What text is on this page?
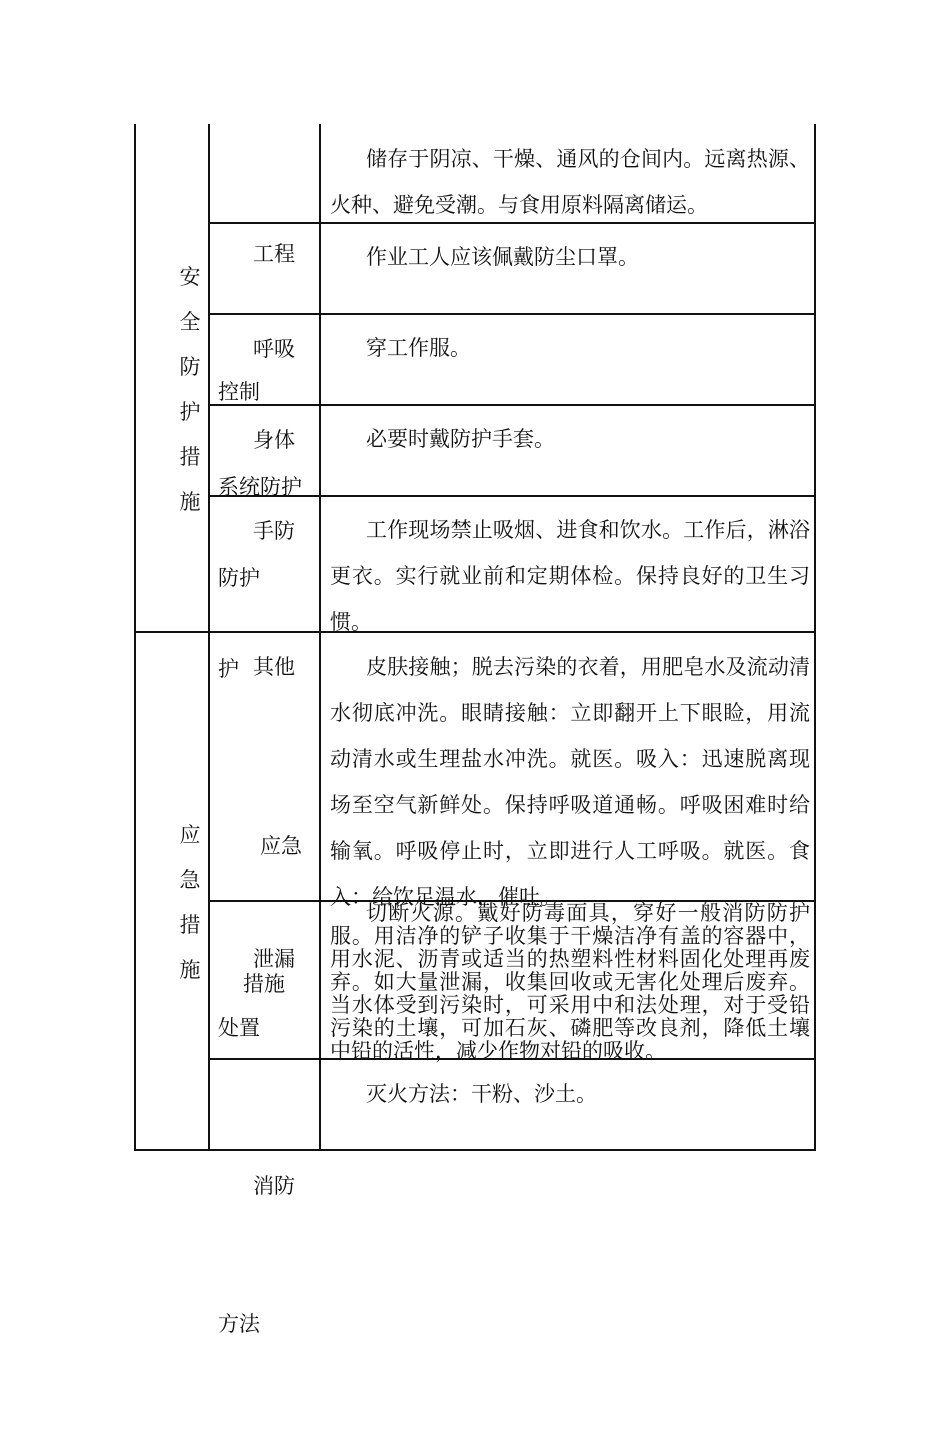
安
全
防
护
措
施

工程

控制

储存于阴凉、干燥、通风的仓间内。远离热源、火种、避免受潮。与食用原料隔离储运。

呼吸

系统防护

作业工人应该佩戴防尘口罩。

身体

防护

穿工作服。

手防

护

必要时戴防护手套。

其他

工作现场禁止吸烟、进食和饮水。工作后，淋浴更衣。实行就业前和定期体检。保持良好的卫生习惯。
应
急
措
施

应急

措施

皮肤接触；脱去污染的衣着，用肥皂水及流动清水彻底冲洗。眼睛接触：立即翻开上下眼睑，用流动清水或生理盐水冲洗。就医。吸入：迅速脱离现场至空气新鲜处。保持呼吸道通畅。呼吸困难时给输氧。呼吸停止时，立即进行人工呼吸。就医。食入：给饮足温水，催吐。

泄漏

处置

切断火源。戴好防毒面具，穿好一般消防防护服。用洁净的铲子收集于干燥洁净有盖的容器中，用水泥、沥青或适当的热塑料性材料固化处理再废弃。如大量泄漏，收集回收或无害化处理后废弃。当水体受到污染时，可采用中和法处理，对于受铅污染的土壤，可加石灰、磷肥等改良剂，降低土壤中铅的活性，减少作物对铅的吸收。

消防

方法

灭火方法：干粉、沙土。
